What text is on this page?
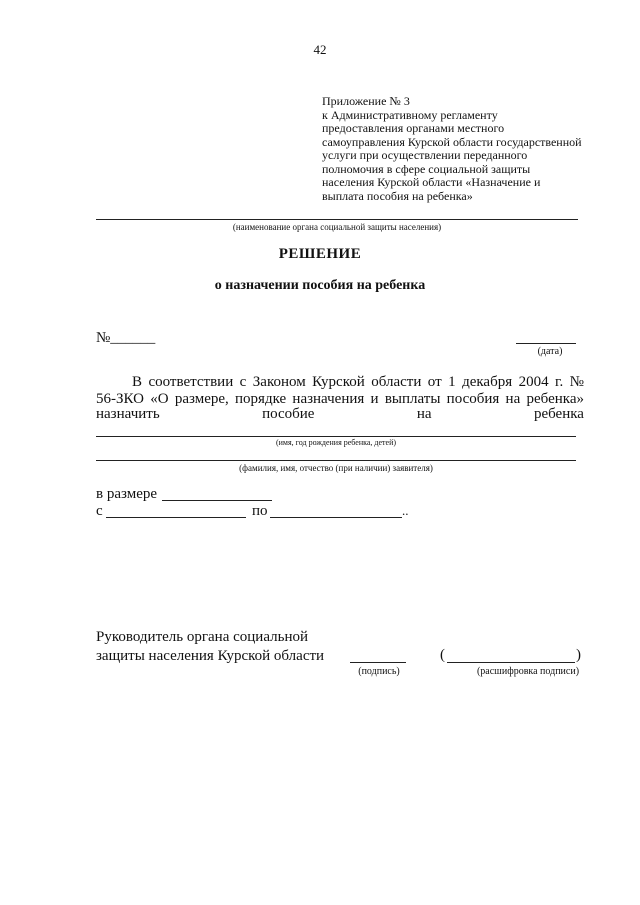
42
Приложение № 3
к Административному регламенту
предоставления органами местного
самоуправления Курской области государственной
услуги при осуществлении переданного
полномочия в сфере социальной защиты
населения Курской области «Назначение и
выплата пособия на ребенка»
(наименование органа социальной защиты населения)
РЕШЕНИЕ
о назначении пособия на ребенка
№______
(дата)
В соответствии с Законом Курской области от 1 декабря 2004 г. №
56-ЗКО «О размере, порядке назначения и выплаты пособия на ребенка»
назначить	пособие	на	ребенка
(имя, год рождения ребенка, детей)
(фамилия, имя, отчество (при наличии) заявителя)
в размере
с	по	..
Руководитель органа социальной
защиты населения Курской области
(подпись)
(	)
(расшифровка подписи)
